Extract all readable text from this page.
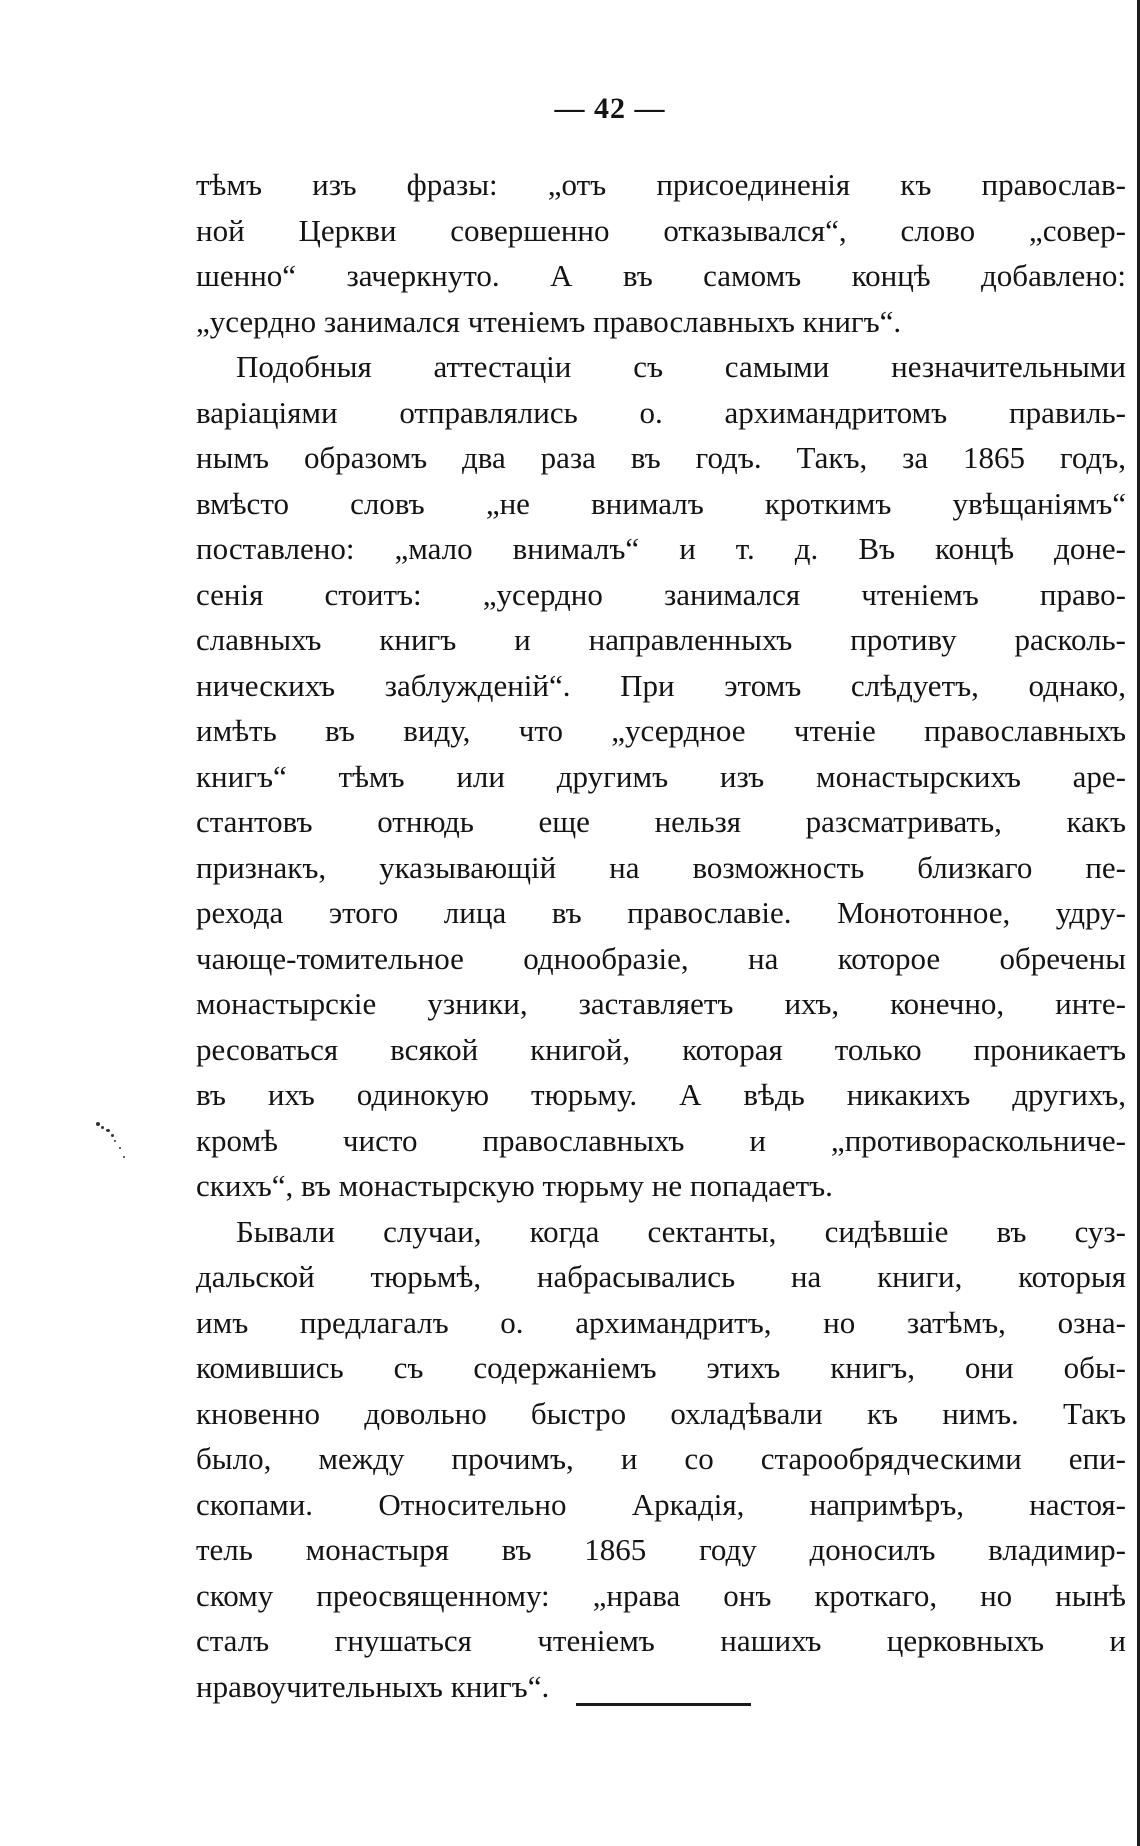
— 42 —
тѣмъ изъ фразы: „отъ присоединенія къ православ-
ной Церкви совершенно отказывался“, слово „совер-
шенно“ зачеркнуто. А въ самомъ концѣ добавлено:
„усердно занимался чтеніемъ православныхъ книгъ“.
Подобныя аттестаціи съ самыми незначительными
варіаціями отправлялись о. архимандритомъ правиль-
нымъ образомъ два раза въ годъ. Такъ, за 1865 годъ,
вмѣсто словъ „не внималъ кроткимъ увѣщаніямъ“
поставлено: „мало внималъ“ и т. д. Въ концѣ доне-
сенія стоитъ: „усердно занимался чтеніемъ право-
славныхъ книгъ и направленныхъ противу расколь-
ническихъ заблужденій“. При этомъ слѣдуетъ, однако,
имѣть въ виду, что „усердное чтеніе православныхъ
книгъ“ тѣмъ или другимъ изъ монастырскихъ аре-
стантовъ отнюдь еще нельзя разсматривать, какъ
признакъ, указывающій на возможность близкаго пе-
рехода этого лица въ православіе. Монотонное, удру-
чающе-томительное однообразіе, на которое обречены
монастырскіе узники, заставляетъ ихъ, конечно, инте-
ресоваться всякой книгой, которая только проникаетъ
въ ихъ одинокую тюрьму. А вѣдь никакихъ другихъ,
кромѣ чисто православныхъ и „противораскольниче-
скихъ“, въ монастырскую тюрьму не попадаетъ.
Бывали случаи, когда сектанты, сидѣвшіе въ суз-
дальской тюрьмѣ, набрасывались на книги, которыя
имъ предлагалъ о. архимандритъ, но затѣмъ, озна-
комившись съ содержаніемъ этихъ книгъ, они обы-
кновенно довольно быстро охладѣвали къ нимъ. Такъ
было, между прочимъ, и со старообрядческими епи-
скопами. Относительно Аркадія, напримѣръ, настоя-
тель монастыря въ 1865 году доносилъ владимир-
скому преосвященному: „нрава онъ кроткаго, но нынѣ
сталъ гнушаться чтеніемъ нашихъ церковныхъ и
нравоучительныхъ книгъ“.
